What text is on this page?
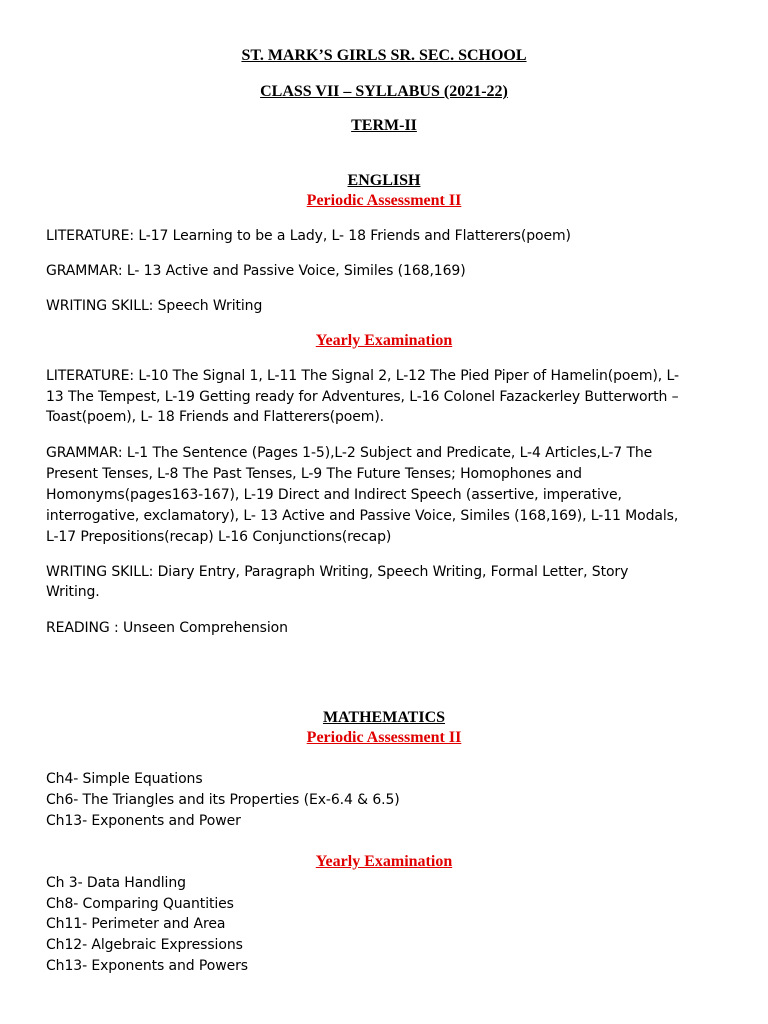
ST. MARK’S GIRLS SR. SEC. SCHOOL
CLASS VII – SYLLABUS (2021-22)
TERM-II
ENGLISH
Periodic Assessment II
LITERATURE: L-17 Learning to be a Lady, L- 18 Friends and Flatterers(poem)
GRAMMAR: L- 13 Active and Passive Voice, Similes (168,169)
WRITING SKILL: Speech Writing
Yearly Examination
LITERATURE: L-10 The Signal 1, L-11 The Signal 2, L-12 The Pied Piper of Hamelin(poem), L-
13 The Tempest, L-19 Getting ready for Adventures, L-16 Colonel Fazackerley Butterworth –
Toast(poem), L- 18 Friends and Flatterers(poem).
GRAMMAR: L-1 The Sentence (Pages 1-5),L-2 Subject and Predicate, L-4 Articles,L-7 The
Present Tenses, L-8 The Past Tenses, L-9 The Future Tenses; Homophones and
Homonyms(pages163-167), L-19 Direct and Indirect Speech (assertive, imperative,
interrogative, exclamatory), L- 13 Active and Passive Voice, Similes (168,169), L-11 Modals,
L-17 Prepositions(recap) L-16 Conjunctions(recap)
WRITING SKILL: Diary Entry, Paragraph Writing, Speech Writing, Formal Letter, Story
Writing.
READING : Unseen Comprehension
MATHEMATICS
Periodic Assessment II
Ch4- Simple Equations
Ch6- The Triangles and its Properties (Ex-6.4 & 6.5)
Ch13- Exponents and Power
Yearly Examination
Ch 3- Data Handling
Ch8- Comparing Quantities
Ch11- Perimeter and Area
Ch12- Algebraic Expressions
Ch13- Exponents and Powers
